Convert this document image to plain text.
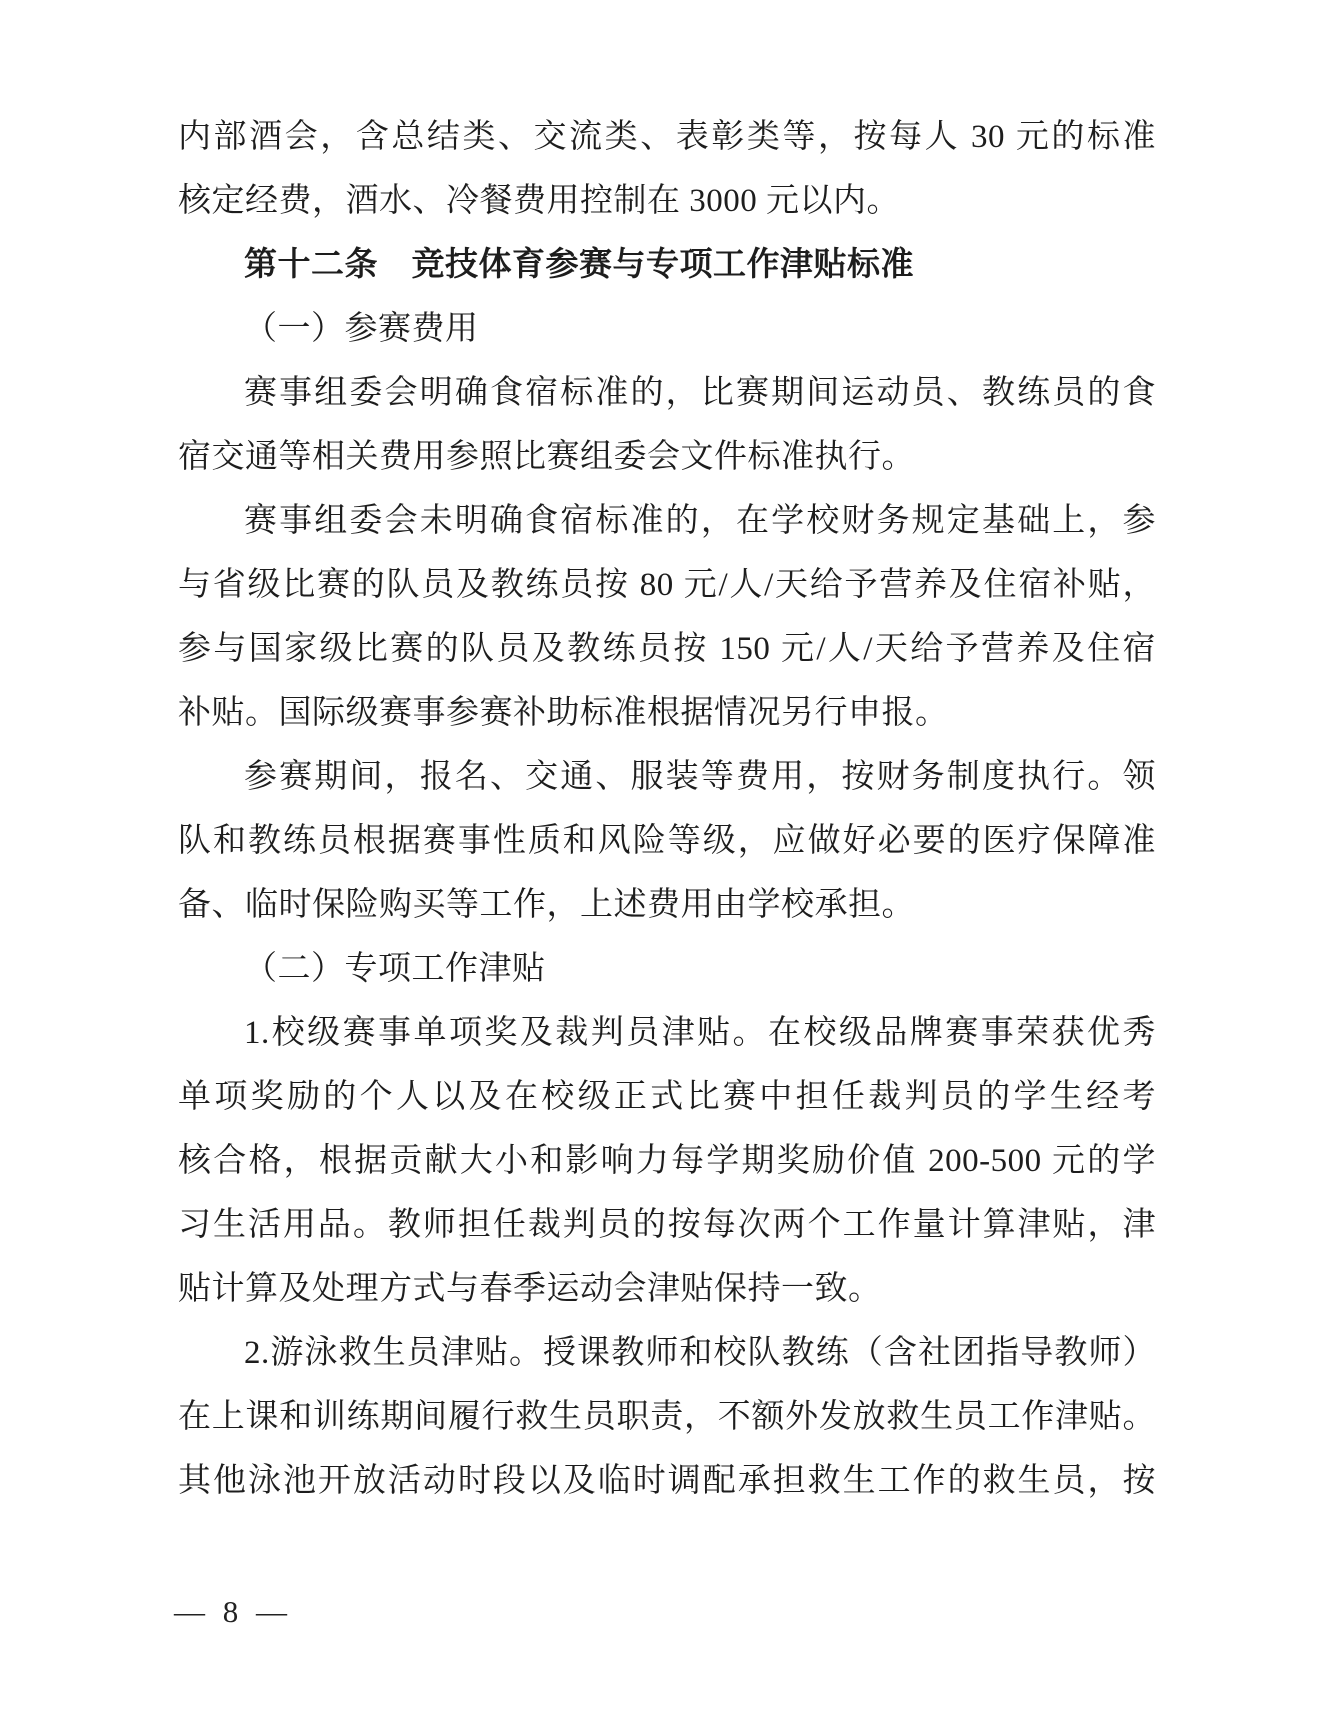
内部酒会，含总结类、交流类、表彰类等，按每人 30 元的标准
核定经费，酒水、冷餐费用控制在 3000 元以内。
第十二条　竞技体育参赛与专项工作津贴标准
（一）参赛费用
赛事组委会明确食宿标准的，比赛期间运动员、教练员的食
宿交通等相关费用参照比赛组委会文件标准执行。
赛事组委会未明确食宿标准的，在学校财务规定基础上，参
与省级比赛的队员及教练员按 80 元/人/天给予营养及住宿补贴，
参与国家级比赛的队员及教练员按 150 元/人/天给予营养及住宿
补贴。国际级赛事参赛补助标准根据情况另行申报。
参赛期间，报名、交通、服装等费用，按财务制度执行。领
队和教练员根据赛事性质和风险等级，应做好必要的医疗保障准
备、临时保险购买等工作，上述费用由学校承担。
（二）专项工作津贴
1.校级赛事单项奖及裁判员津贴。在校级品牌赛事荣获优秀
单项奖励的个人以及在校级正式比赛中担任裁判员的学生经考
核合格，根据贡献大小和影响力每学期奖励价值 200-500 元的学
习生活用品。教师担任裁判员的按每次两个工作量计算津贴，津
贴计算及处理方式与春季运动会津贴保持一致。
2.游泳救生员津贴。授课教师和校队教练（含社团指导教师）
在上课和训练期间履行救生员职责，不额外发放救生员工作津贴。
其他泳池开放活动时段以及临时调配承担救生工作的救生员，按
— 8 —
